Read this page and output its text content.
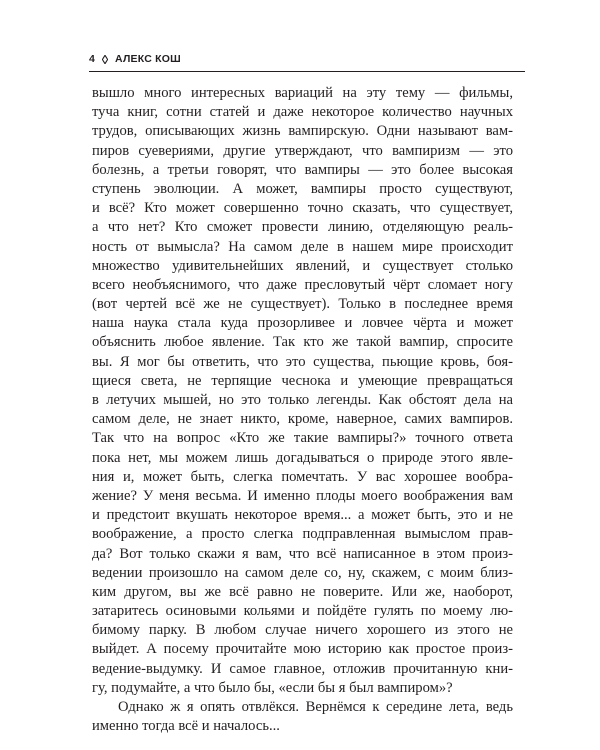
4 АЛЕКС КОШ
вышло много интересных вариаций на эту тему — фильмы,
туча книг, сотни статей и даже некоторое количество научных
трудов, описывающих жизнь вампирскую. Одни называют вам-
пиров суевериями, другие утверждают, что вампиризм — это
болезнь, а третьи говорят, что вампиры — это более высокая
ступень эволюции. А может, вампиры просто существуют,
и всё? Кто может совершенно точно сказать, что существует,
а что нет? Кто сможет провести линию, отделяющую реаль-
ность от вымысла? На самом деле в нашем мире происходит
множество удивительнейших явлений, и существует столько
всего необъяснимого, что даже пресловутый чёрт сломает ногу
(вот чертей всё же не существует). Только в последнее время
наша наука стала куда прозорливее и ловчее чёрта и может
объяснить любое явление. Так кто же такой вампир, спросите
вы. Я мог бы ответить, что это существа, пьющие кровь, боя-
щиеся света, не терпящие чеснока и умеющие превращаться
в летучих мышей, но это только легенды. Как обстоят дела на
самом деле, не знает никто, кроме, наверное, самих вампиров.
Так что на вопрос «Кто же такие вампиры?» точного ответа
пока нет, мы можем лишь догадываться о природе этого явле-
ния и, может быть, слегка помечтать. У вас хорошее вообра-
жение? У меня весьма. И именно плоды моего воображения вам
и предстоит вкушать некоторое время... а может быть, это и не
воображение, а просто слегка подправленная вымыслом прав-
да? Вот только скажи я вам, что всё написанное в этом произ-
ведении произошло на самом деле со, ну, скажем, с моим близ-
ким другом, вы же всё равно не поверите. Или же, наоборот,
затаритесь осиновыми кольями и пойдёте гулять по моему лю-
бимому парку. В любом случае ничего хорошего из этого не
выйдет. А посему прочитайте мою историю как простое произ-
ведение-выдумку. И самое главное, отложив прочитанную кни-
гу, подумайте, а что было бы, «если бы я был вампиром»?
Однако ж я опять отвлёкся. Вернёмся к середине лета, ведь
именно тогда всё и началось...
